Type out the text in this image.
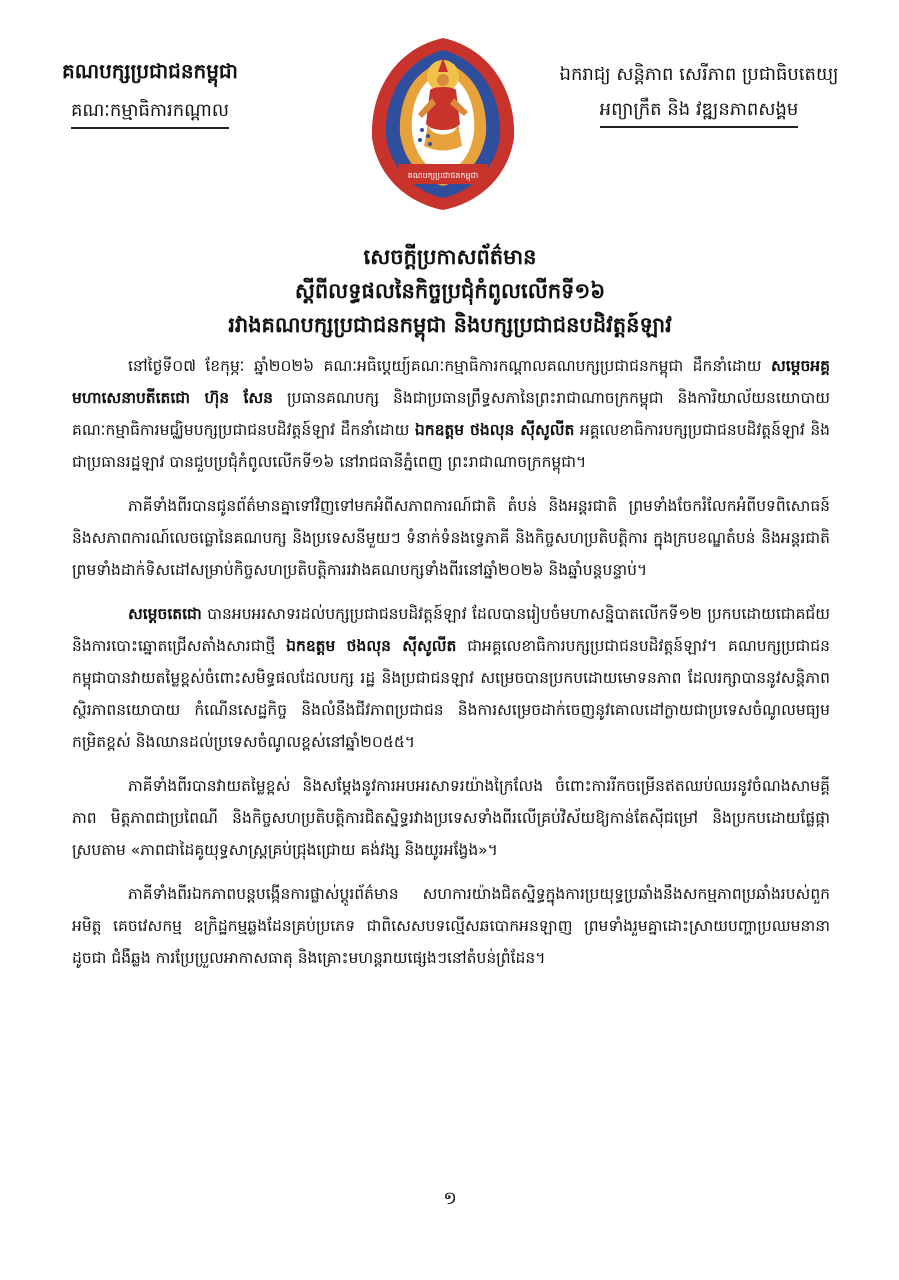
គណបក្សប្រជាជនកម្ពុជា
គណៈកម្មាធិការកណ្តាល
គណបក្សប្រជាជនកម្ពុជា
ឯករាជ្យ សន្តិភាព សេរីភាព ប្រជាធិបតេយ្យ
អព្យាក្រឹត និង វឌ្ឍនភាពសង្គម
សេចក្តីប្រកាសព័ត៌មាន
ស្តីពីលទ្ធផលនៃកិច្ចប្រជុំកំពូលលើកទី១៦
រវាងគណបក្សប្រជាជនកម្ពុជា និងបក្សប្រជាជនបដិវត្តន៍ឡាវ

នៅថ្ងៃទី០៧ ខែកុម្ភៈ ឆ្នាំ២០២៦ គណៈអធិប្តេយ្យ៍គណៈកម្មាធិការកណ្តាលគណបក្សប្រជាជនកម្ពុជា ដឹកនាំដោយ សម្តេចអគ្គមហាសេនាបតីតេជោ ហ៊ុន សែន ប្រធានគណបក្ស និងជាប្រធានព្រឹទ្ធសភានៃព្រះរាជាណាចក្រកម្ពុជា និងការិយាល័យនយោបាយគណៈកម្មាធិការមជ្ឈិមបក្សប្រជាជនបដិវត្តន៍ឡាវ ដឹកនាំដោយ ឯកឧត្តម ថងលុន ស៊ីសូលីត អគ្គលេខាធិការបក្សប្រជាជនបដិវត្តន៍ឡាវ និងជាប្រធានរដ្ឋឡាវ បានជួបប្រជុំកំពូលលើកទី១៦ នៅរាជធានីភ្នំពេញ ព្រះរាជាណាចក្រកម្ពុជា។

ភាគីទាំងពីរបានជូនព័ត៌មានគ្នាទៅវិញទៅមកអំពីសភាពការណ៍ជាតិ តំបន់ និងអន្តរជាតិ ព្រមទាំងចែករំលែកអំពីបទពិសោធន៍ និងសភាពការណ៍លេចធ្លោនៃគណបក្ស និងប្រទេសនីមួយៗ ទំនាក់ទំនងទ្វេភាគី និងកិច្ចសហប្រតិបត្តិការ ក្នុងក្របខណ្ឌតំបន់ និងអន្តរជាតិ ព្រមទាំងដាក់ទិសដៅសម្រាប់កិច្ចសហប្រតិបត្តិការរវាងគណបក្សទាំងពីរនៅឆ្នាំ២០២៦ និងឆ្នាំបន្តបន្ទាប់។

សម្តេចតេជោ បានអបអរសាទរដល់បក្សប្រជាជនបដិវត្តន៍ឡាវ ដែលបានរៀបចំមហាសន្និបាតលើកទី១២ ប្រកបដោយជោគជ័យ និងការបោះឆ្នោតជ្រើសតាំងសារជាថ្មី ឯកឧត្តម ថងលុន ស៊ីសូលីត ជាអគ្គលេខាធិការបក្សប្រជាជនបដិវត្តន៍ឡាវ។ គណបក្សប្រជាជនកម្ពុជាបានវាយតម្លៃខ្ពស់ចំពោះសមិទ្ធផលដែលបក្ស រដ្ឋ និងប្រជាជនឡាវ សម្រេចបានប្រកបដោយមោទនភាព ដែលរក្សាបាននូវសន្តិភាព ស្ថិរភាពនយោបាយ កំណើនសេដ្ឋកិច្ច និងលំនឹងជីវភាពប្រជាជន និងការសម្រេចដាក់ចេញនូវគោលដៅក្លាយជាប្រទេសចំណូលមធ្យមកម្រិតខ្ពស់ និងឈានដល់ប្រទេសចំណូលខ្ពស់នៅឆ្នាំ២០៥៥។

ភាគីទាំងពីរបានវាយតម្លៃខ្ពស់ និងសម្តែងនូវការអបអរសាទរយ៉ាងក្រៃលែង ចំពោះការរីកចម្រើនឥតឈប់ឈរនូវចំណងសាមគ្គីភាព មិត្តភាពជាប្រពៃណី និងកិច្ចសហប្រតិបត្តិការជិតស្និទ្ធរវាងប្រទេសទាំងពីរលើគ្រប់វិស័យឱ្យកាន់តែស៊ីជម្រៅ និងប្រកបដោយផ្លែផ្កា ស្របតាម «ភាពជាដៃគូយុទ្ធសាស្ត្រគ្រប់ជ្រុងជ្រោយ គង់វង្ស និងយូរអង្វែង»។

ភាគីទាំងពីរឯកភាពបន្តបង្កើនការផ្លាស់ប្តូរព័ត៌មាន សហការយ៉ាងជិតស្និទ្ធក្នុងការប្រយុទ្ធប្រឆាំងនឹងសកម្មភាពប្រឆាំងរបស់ពួកអមិត្ត គេចវេសកម្ម ឧក្រិដ្ឋកម្មឆ្លងដែនគ្រប់ប្រភេទ ជាពិសេសបទល្មើសឆបោកអនឡាញ ព្រមទាំងរួមគ្នាដោះស្រាយបញ្ហាប្រឈមនានាដូចជា ជំងឺឆ្លង ការប្រែប្រួលអាកាសធាតុ និងគ្រោះមហន្តរាយផ្សេងៗនៅតំបន់ព្រំដែន។

១
